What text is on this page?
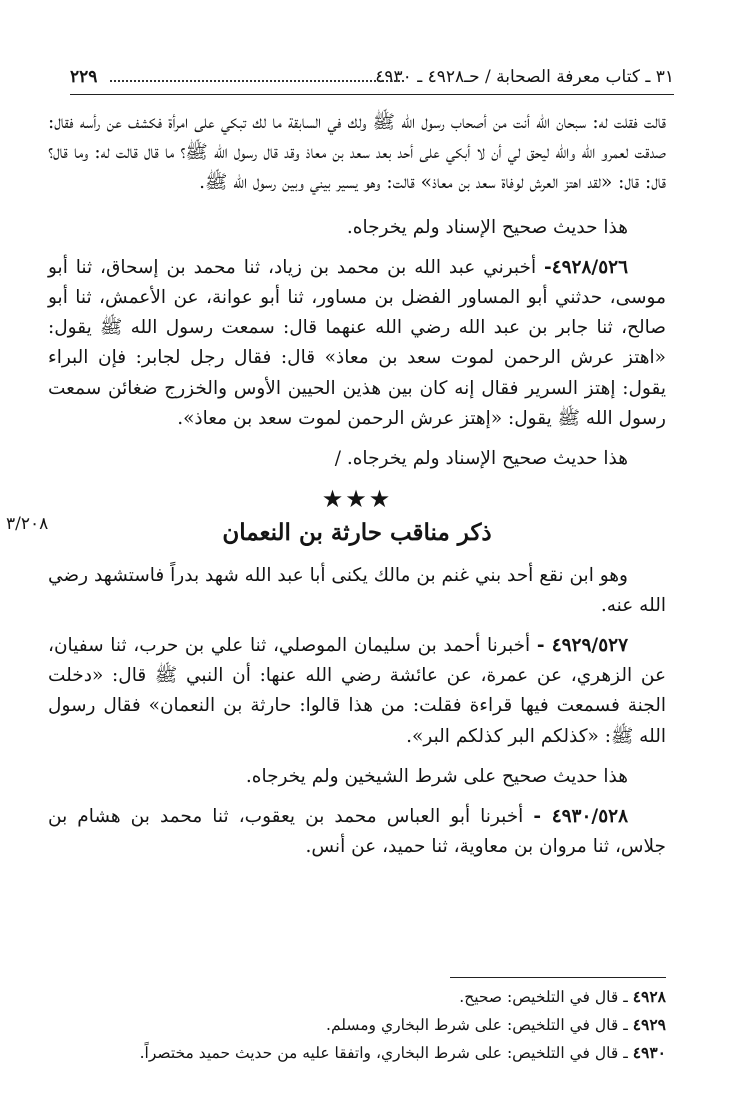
٣١ ـ كتاب معرفة الصحابة / حـ٤٩٢٨ ـ ٤٩٣٠
٢٢٩

قالت فقلت له: سبحان الله أنت من أصحاب رسول الله ﷺ ولك في السابقة ما لك تبكي على امرأة فكشف عن رأسه فقال: صدقت لعمرو الله والله ليحق لي أن لا أبكي على أحد بعد سعد بن معاذ وقد قال رسول الله ﷺ؟ ما قال قالت له: وما قال؟ قال: قال: «لقد اهتز العرش لوفاة سعد بن معاذ» قالت: وهو يسير بيني وبين رسول الله ﷺ.

هذا حديث صحيح الإسناد ولم يخرجاه.

٤٩٢٨/٥٢٦- أخبرني عبد الله بن محمد بن زياد، ثنا محمد بن إسحاق، ثنا أبو موسى، حدثني أبو المساور الفضل بن مساور، ثنا أبو عوانة، عن الأعمش، ثنا أبو صالح، ثنا جابر بن عبد الله رضي الله عنهما قال: سمعت رسول الله ﷺ يقول: «اهتز عرش الرحمن لموت سعد بن معاذ» قال: فقال رجل لجابر: فإن البراء يقول: إهتز السرير فقال إنه كان بين هذين الحيين الأوس والخزرج ضغائن سمعت رسول الله ﷺ يقول: «إهتز عرش الرحمن لموت سعد بن معاذ».

هذا حديث صحيح الإسناد ولم يخرجاه. /

★★★
ذكر مناقب حارثة بن النعمان

وهو ابن نقع أحد بني غنم بن مالك يكنى أبا عبد الله شهد بدراً فاستشهد رضي الله عنه.

٤٩٢٩/٥٢٧ - أخبرنا أحمد بن سليمان الموصلي، ثنا علي بن حرب، ثنا سفيان، عن الزهري، عن عمرة، عن عائشة رضي الله عنها: أن النبي ﷺ قال: «دخلت الجنة فسمعت فيها قراءة فقلت: من هذا قالوا: حارثة بن النعمان» فقال رسول الله ﷺ: «كذلكم البر كذلكم البر».

هذا حديث صحيح على شرط الشيخين ولم يخرجاه.

٤٩٣٠/٥٢٨ - أخبرنا أبو العباس محمد بن يعقوب، ثنا محمد بن هشام بن جلاس، ثنا مروان بن معاوية، ثنا حميد، عن أنس.

٣/٢٠٨

٤٩٢٨ ـ قال في التلخيص: صحيح.

٤٩٢٩ ـ قال في التلخيص: على شرط البخاري ومسلم.

٤٩٣٠ ـ قال في التلخيص: على شرط البخاري، واتفقا عليه من حديث حميد مختصراً.
